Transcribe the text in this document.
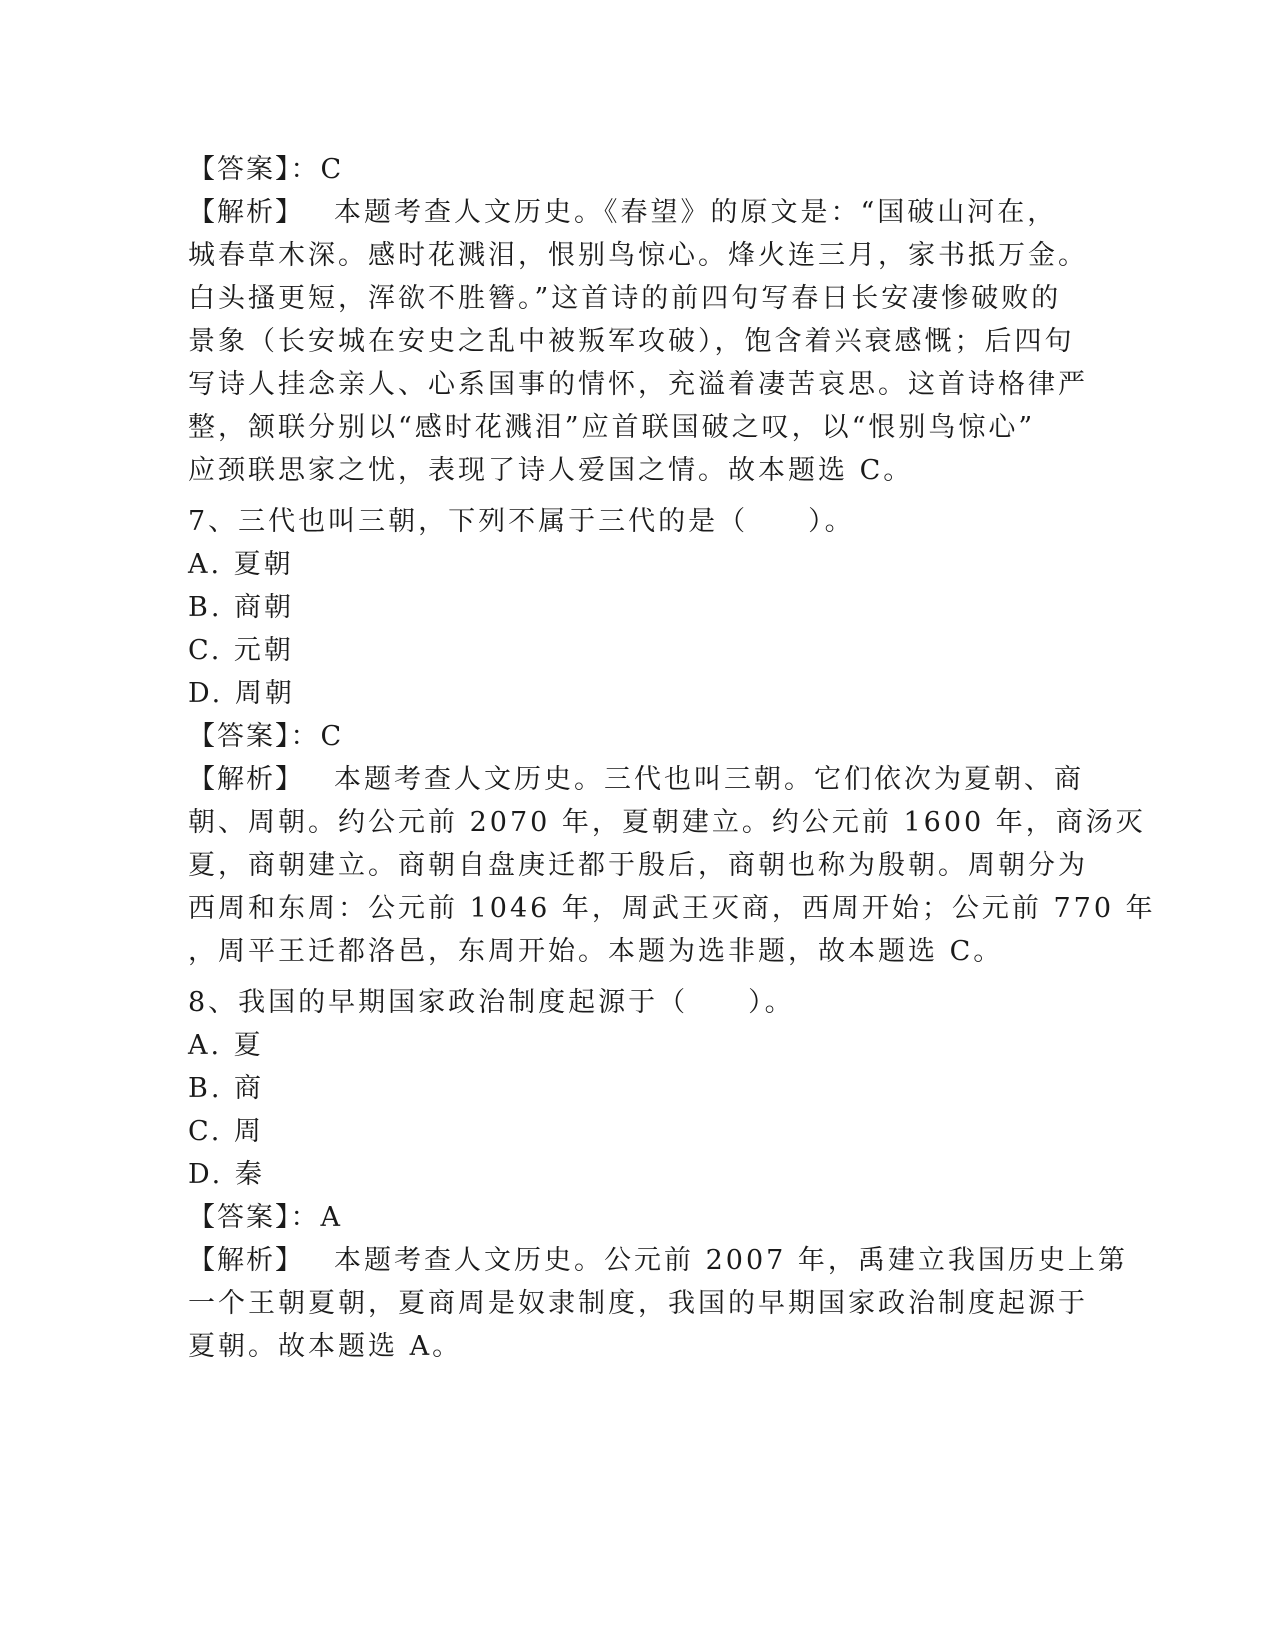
【答案】：C
【解析】 本题考查人文历史。《春望》的原文是：“国破山河在，
城春草木深。感时花溅泪，恨别鸟惊心。烽火连三月，家书抵万金。
白头搔更短，浑欲不胜簪。”这首诗的前四句写春日长安凄惨破败的
景象（长安城在安史之乱中被叛军攻破），饱含着兴衰感慨；后四句
写诗人挂念亲人、心系国事的情怀，充溢着凄苦哀思。这首诗格律严
整，颔联分别以“感时花溅泪”应首联国破之叹，以“恨别鸟惊心”
应颈联思家之忧，表现了诗人爱国之情。故本题选 C。
7、三代也叫三朝，下列不属于三代的是（　　）。
A. 夏朝
B. 商朝
C. 元朝
D. 周朝
【答案】：C
【解析】 本题考查人文历史。三代也叫三朝。它们依次为夏朝、商
朝、周朝。约公元前 2070 年，夏朝建立。约公元前 1600 年，商汤灭
夏，商朝建立。商朝自盘庚迁都于殷后，商朝也称为殷朝。周朝分为
西周和东周：公元前 1046 年，周武王灭商，西周开始；公元前 770 年
，周平王迁都洛邑，东周开始。本题为选非题，故本题选 C。
8、我国的早期国家政治制度起源于（　　）。
A. 夏
B. 商
C. 周
D. 秦
【答案】：A
【解析】 本题考查人文历史。公元前 2007 年，禹建立我国历史上第
一个王朝夏朝，夏商周是奴隶制度，我国的早期国家政治制度起源于
夏朝。故本题选 A。
